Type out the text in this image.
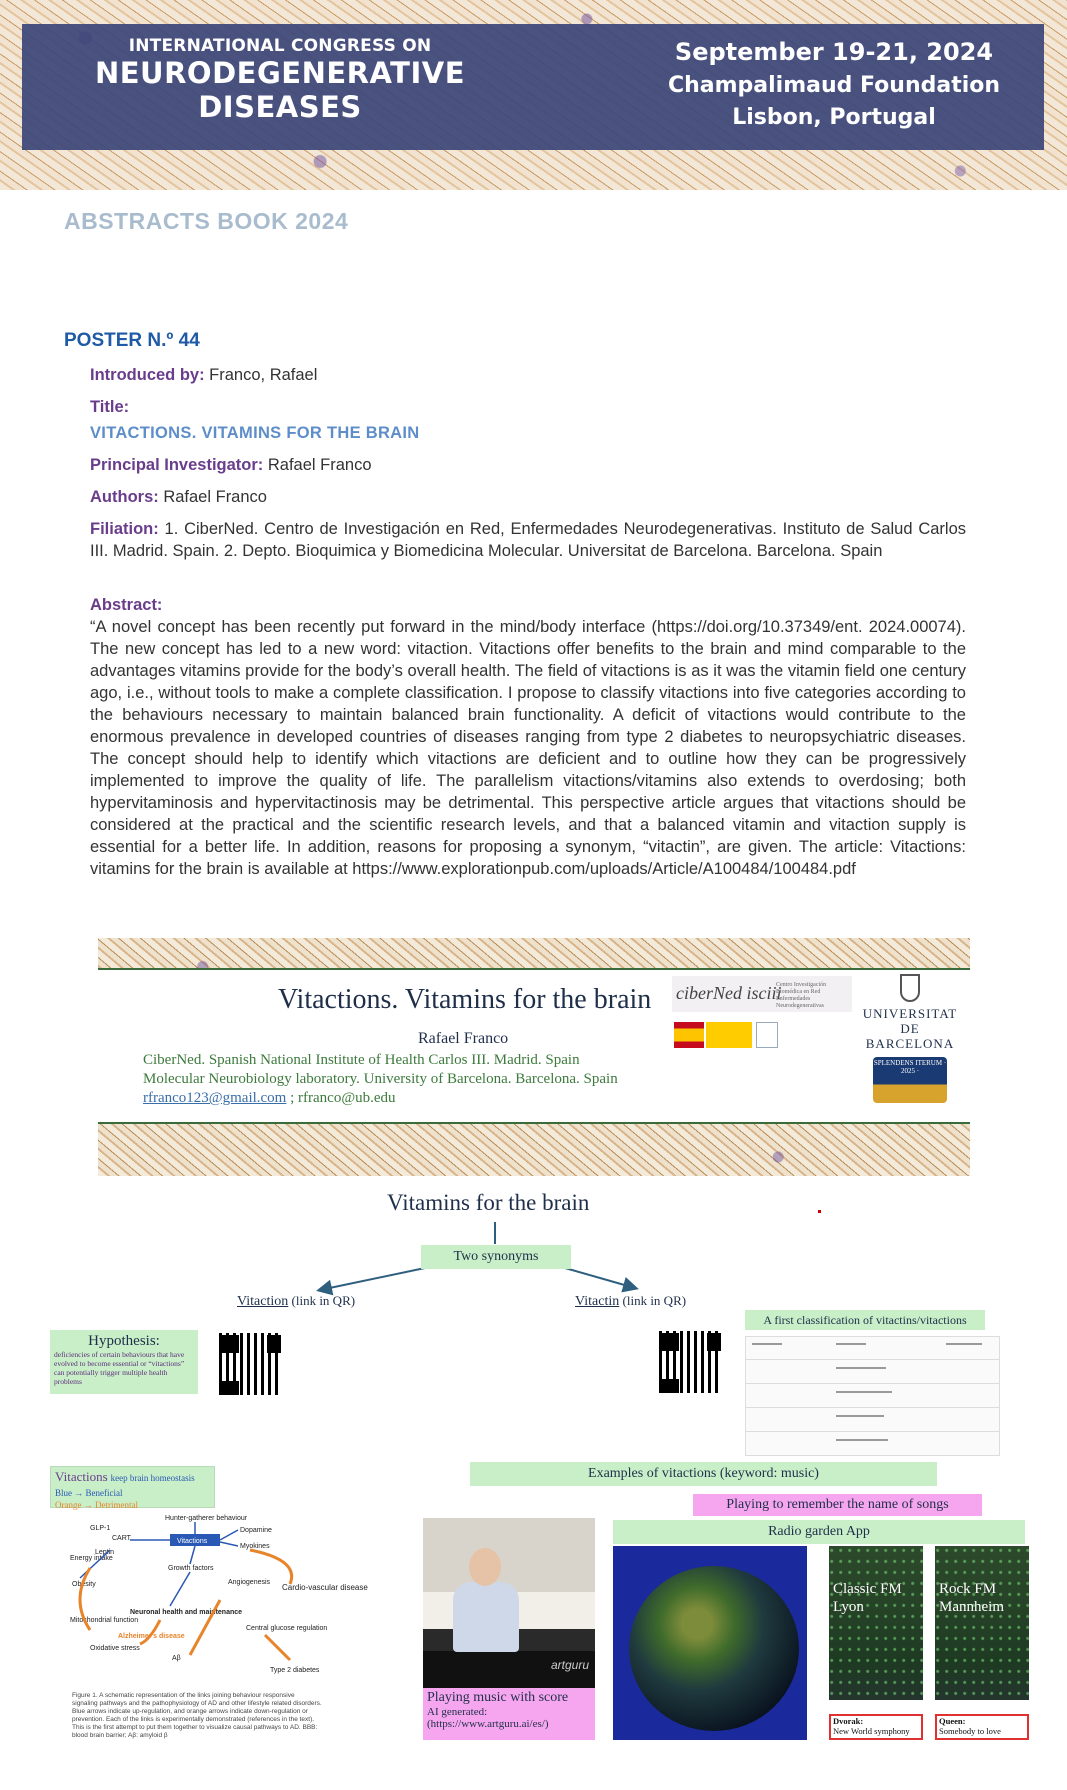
INTERNATIONAL CONGRESS ON
NEURODEGENERATIVE
DISEASES
September 19-21, 2024
Champalimaud Foundation
Lisbon, Portugal
ABSTRACTS BOOK 2024
POSTER N.º 44
Introduced by: Franco, Rafael
Title:
VITACTIONS. VITAMINS FOR THE BRAIN
Principal Investigator: Rafael Franco
Authors: Rafael Franco
Filiation: 1. CiberNed. Centro de Investigación en Red, Enfermedades Neurodegenerativas. Instituto de Salud Carlos III. Madrid. Spain. 2. Depto. Bioquimica y Biomedicina Molecular. Universitat de Barcelona. Barcelona. Spain
Abstract:
“A novel concept has been recently put forward in the mind/body interface (https://doi.org/10.37349/ent. 2024.00074). The new concept has led to a new word: vitaction. Vitactions offer benefits to the brain and mind comparable to the advantages vitamins provide for the body’s overall health. The field of vitactions is as it was the vitamin field one century ago, i.e., without tools to make a complete classification. I propose to classify vitactions into five categories according to the behaviours necessary to maintain balanced brain functionality. A deficit of vitactions would contribute to the enormous prevalence in developed countries of diseases ranging from type 2 diabetes to neuropsychiatric diseases. The concept should help to identify which vitactions are deficient and to outline how they can be progressively implemented to improve the quality of life. The parallelism vitactions/vitamins also extends to overdosing; both hypervitaminosis and hypervitactinosis may be detrimental. This perspective article argues that vitactions should be considered at the practical and the scientific research levels, and that a balanced vitamin and vitaction supply is essential for a better life. In addition, reasons for proposing a synonym, “vitactin”, are given. The article: Vitactions: vitamins for the brain is available at https://www.explorationpub.com/uploads/Article/A100484/100484.pdf
Vitactions. Vitamins for the brain
Rafael Franco
CiberNed. Spanish National Institute of Health Carlos III. Madrid. Spain
Molecular Neurobiology laboratory. University of Barcelona. Barcelona. Spain
rfranco123@gmail.com ; rfranco@ub.edu
ciberNed isciii
Centro Investigación Biomédica en Red Enfermedades Neurodegenerativas	UNIVERSITAT DE
BARCELONA
SPLENDENS ITERUM · 2025 ·
Vitamins for the brain
Two synonyms
Vitaction (link in QR)	Vitactin (link in QR)
Hypothesis:
deficiencies of certain behaviours that have evolved to become essential or “vitactions” can potentially trigger multiple health problems
A first classification of vitactins/vitactions
Vitactions keep brain homeostasis Blue → Beneficial
Orange → Detrimental
Hunter-gatherer behaviour
Vitactions
CART
GLP-1
Leptin
Energy intake
Obesity
Dopamine
Myokines
Growth factors
Angiogenesis
Cardio-vascular disease
Neuronal health and maintenance
Mitochondrial function
Oxidative stress
Alzheimer's disease
Central glucose regulation
Type 2 diabetes
Aβ
Figure 1. A schematic representation of the links joining behaviour responsive signaling pathways and the pathophysiology of AD and other lifestyle related disorders. Blue arrows indicate up-regulation, and orange arrows indicate down-regulation or prevention. Each of the links is experimentally demonstrated (references in the text). This is the first attempt to put them together to visualize causal pathways to AD. BBB: blood brain barrier; Aβ: amyloid β
Examples of vitactions (keyword: music)
Playing to remember the name of songs
Radio garden App
artguru
Playing music with score
AI generated:
(https://www.artguru.ai/es/)
Classic FM
Lyon
Dvorak:
New World symphony
Rock FM
Mannheim
Queen:
Somebody to love
